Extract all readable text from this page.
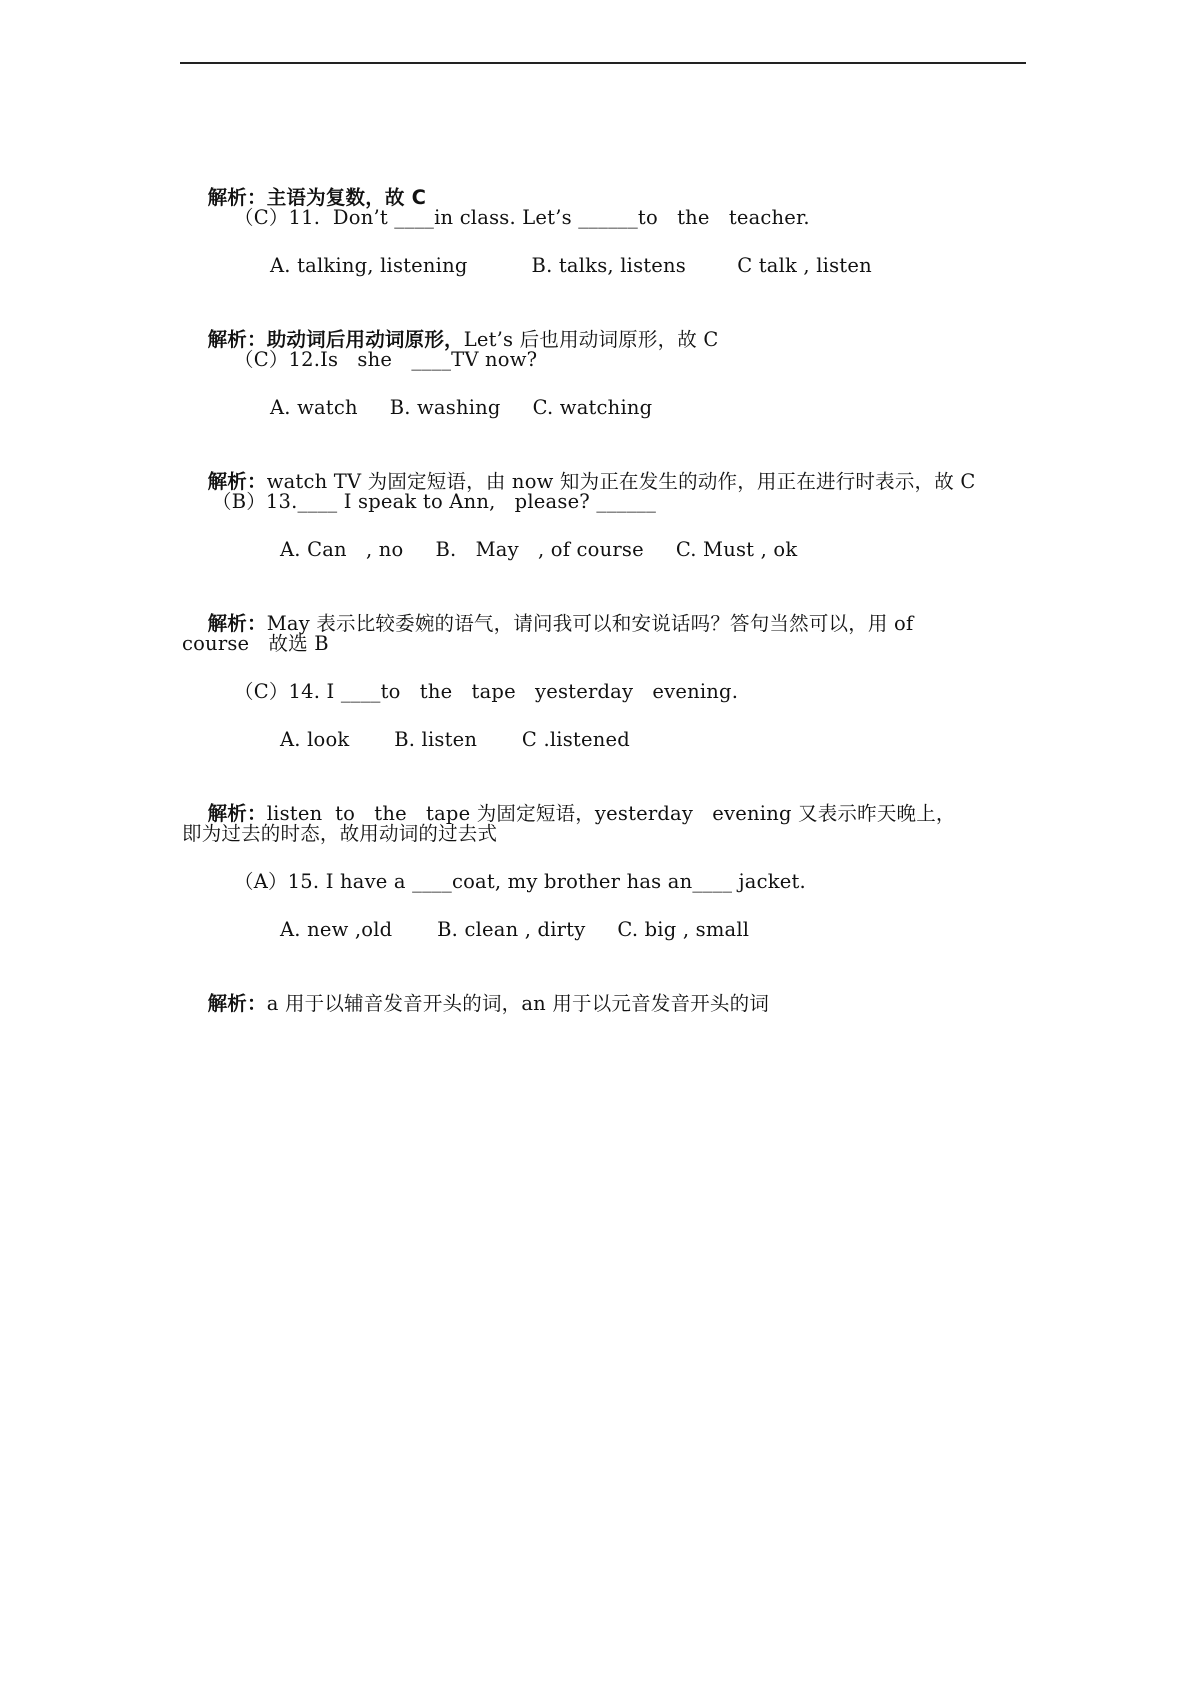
解析：主语为复数，故 C

（C）11.  Don’t ____in class. Let’s ______to   the   teacher.
A. talking, listening          B. talks, listens        C talk , listen

解析：助动词后用动词原形，Let’s 后也用动词原形，故 C

（C）12.Is   she   ____TV now?
A. watch     B. washing     C. watching

解析：watch TV 为固定短语，由 now 知为正在发生的动作，用正在进行时表示，故 C

（B）13.____ I speak to Ann,   please? ______
A. Can   , no     B.   May   , of course     C. Must , ok

解析：May 表示比较委婉的语气，请问我可以和安说话吗？答句当然可以，用 of

course   故选 B
（C）14. I ____to   the   tape   yesterday   evening.
A. look       B. listen       C .listened

解析：listen  to   the   tape 为固定短语，yesterday   evening 又表示昨天晚上，

即为过去的时态，故用动词的过去式
（A）15. I have a ____coat, my brother has an____ jacket.
A. new ,old       B. clean , dirty     C. big , small

解析：a 用于以辅音发音开头的词，an 用于以元音发音开头的词
